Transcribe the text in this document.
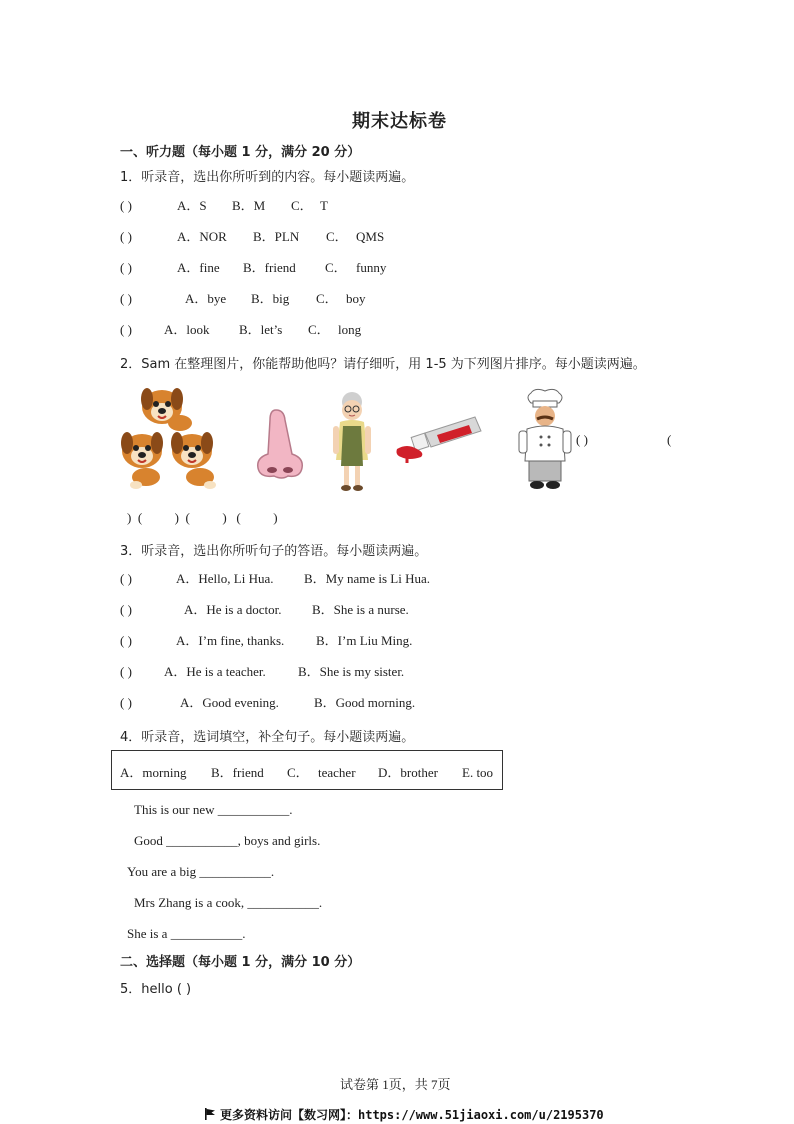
期末达标卷
一、听力题（每小题 1 分，满分 20 分）
1．听录音，选出你所听到的内容。每小题读两遍。
( )	A．S B．M C． T
( )	A．NOR B．PLN C． QMS
( )	A．fine B．friend C． funny
( )	A．bye B．big C． boy
( ) A．look B．let’s C． long
2．Sam 在整理图片，你能帮助他吗？请仔细听，用 1-5 为下列图片排序。每小题读两遍。
( )	(
)  (          )  (          )   (          )
3．听录音，选出你所听句子的答语。每小题读两遍。
( )	A．Hello, Li Hua. B．My name is Li Hua.
( )	A．He is a doctor. B．She is a nurse.
( )	A．I’m fine, thanks. B．I’m Liu Ming.
( ) A．He is a teacher. B．She is my sister.
( )	A．Good evening.	B．Good morning.
4．听录音，选词填空，补全句子。每小题读两遍。
A．morning B．friend C． teacher D．brother E. too
This is our new ___________.
Good ___________, boys and girls.
You are a big ___________.
Mrs Zhang is a cook, ___________.
She is a ___________.
二、选择题（每小题 1 分，满分 10 分）
5．hello ( )
试卷第 1页，共 7页
更多资料访问【数习网】：https://www.51jiaoxi.com/u/2195370
